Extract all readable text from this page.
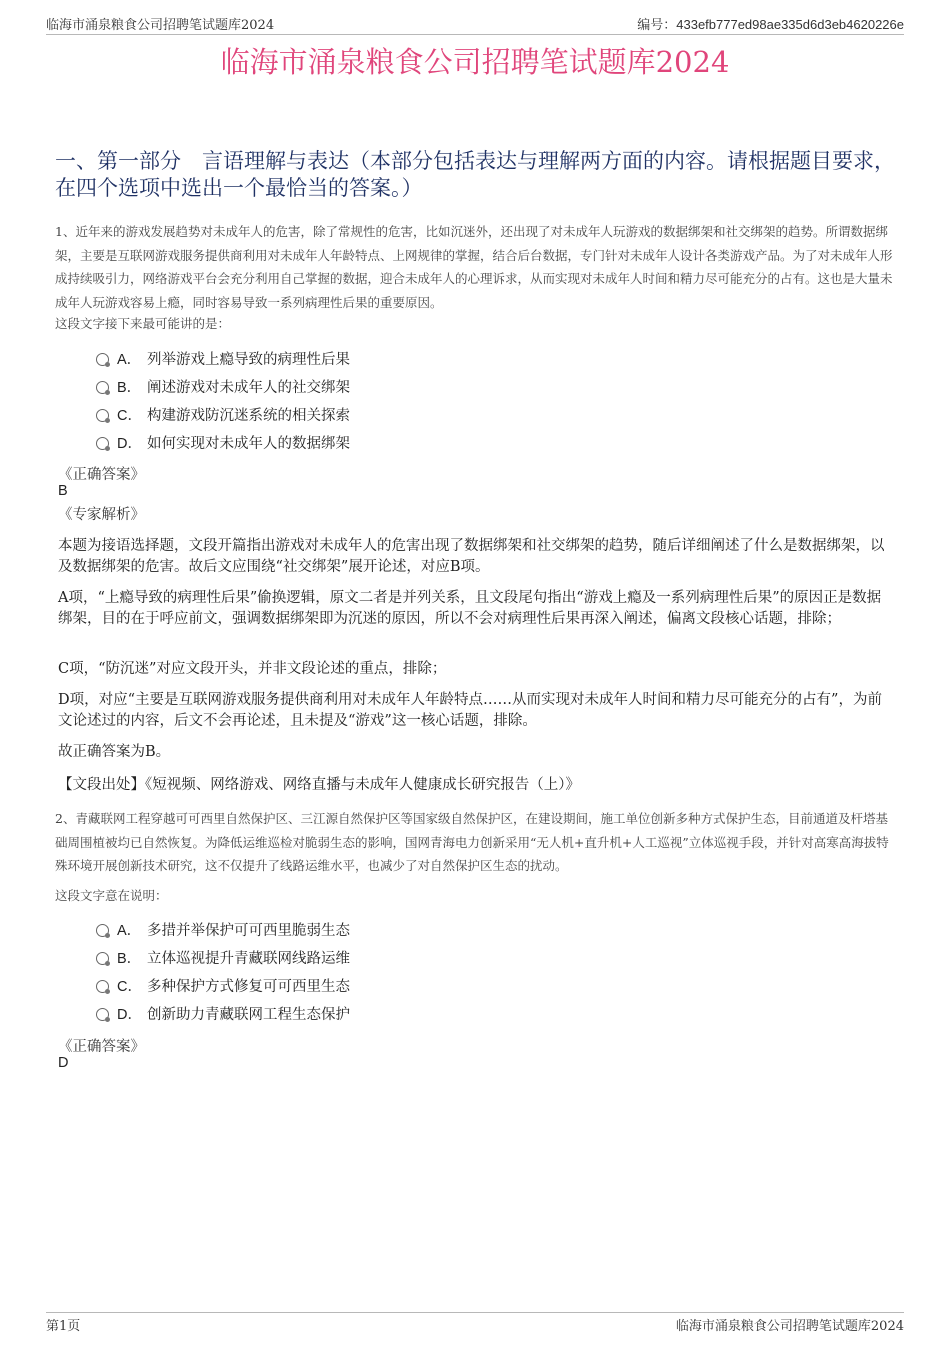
临海市涌泉粮食公司招聘笔试题库2024	编号：433efb777ed98ae335d6d3eb4620226e
临海市涌泉粮食公司招聘笔试题库2024
一、第一部分　言语理解与表达（本部分包括表达与理解两方面的内容。请根据题目要求，在四个选项中选出一个最恰当的答案。）
1、近年来的游戏发展趋势对未成年人的危害，除了常规性的危害，比如沉迷外，还出现了对未成年人玩游戏的数据绑架和社交绑架的趋势。所谓数据绑架，主要是互联网游戏服务提供商利用对未成年人年龄特点、上网规律的掌握，结合后台数据，专门针对未成年人设计各类游戏产品。为了对未成年人形成持续吸引力，网络游戏平台会充分利用自己掌握的数据，迎合未成年人的心理诉求，从而实现对未成年人时间和精力尽可能充分的占有。这也是大量未成年人玩游戏容易上瘾，同时容易导致一系列病理性后果的重要原因。
这段文字接下来最可能讲的是：
A． 列举游戏上瘾导致的病理性后果
B． 阐述游戏对未成年人的社交绑架
C． 构建游戏防沉迷系统的相关探索
D． 如何实现对未成年人的数据绑架
《正确答案》
B
《专家解析》
本题为接语选择题，文段开篇指出游戏对未成年人的危害出现了数据绑架和社交绑架的趋势，随后详细阐述了什么是数据绑架，以及数据绑架的危害。故后文应围绕“社交绑架”展开论述，对应B项。
A项，“上瘾导致的病理性后果”偷换逻辑，原文二者是并列关系，且文段尾句指出“游戏上瘾及一系列病理性后果”的原因正是数据绑架，目的在于呼应前文，强调数据绑架即为沉迷的原因，所以不会对病理性后果再深入阐述，偏离文段核心话题，排除；
C项，“防沉迷”对应文段开头，并非文段论述的重点，排除；
D项，对应“主要是互联网游戏服务提供商利用对未成年人年龄特点……从而实现对未成年人时间和精力尽可能充分的占有”，为前文论述过的内容，后文不会再论述，且未提及“游戏”这一核心话题，排除。
故正确答案为B。
【文段出处】《短视频、网络游戏、网络直播与未成年人健康成长研究报告（上）》
2、青藏联网工程穿越可可西里自然保护区、三江源自然保护区等国家级自然保护区，在建设期间，施工单位创新多种方式保护生态，目前通道及杆塔基础周围植被均已自然恢复。为降低运维巡检对脆弱生态的影响，国网青海电力创新采用“无人机+直升机+人工巡视”立体巡视手段，并针对高寒高海拔特殊环境开展创新技术研究，这不仅提升了线路运维水平，也减少了对自然保护区生态的扰动。
这段文字意在说明：
A． 多措并举保护可可西里脆弱生态
B． 立体巡视提升青藏联网线路运维
C． 多种保护方式修复可可西里生态
D． 创新助力青藏联网工程生态保护
《正确答案》
D
第1页	临海市涌泉粮食公司招聘笔试题库2024
